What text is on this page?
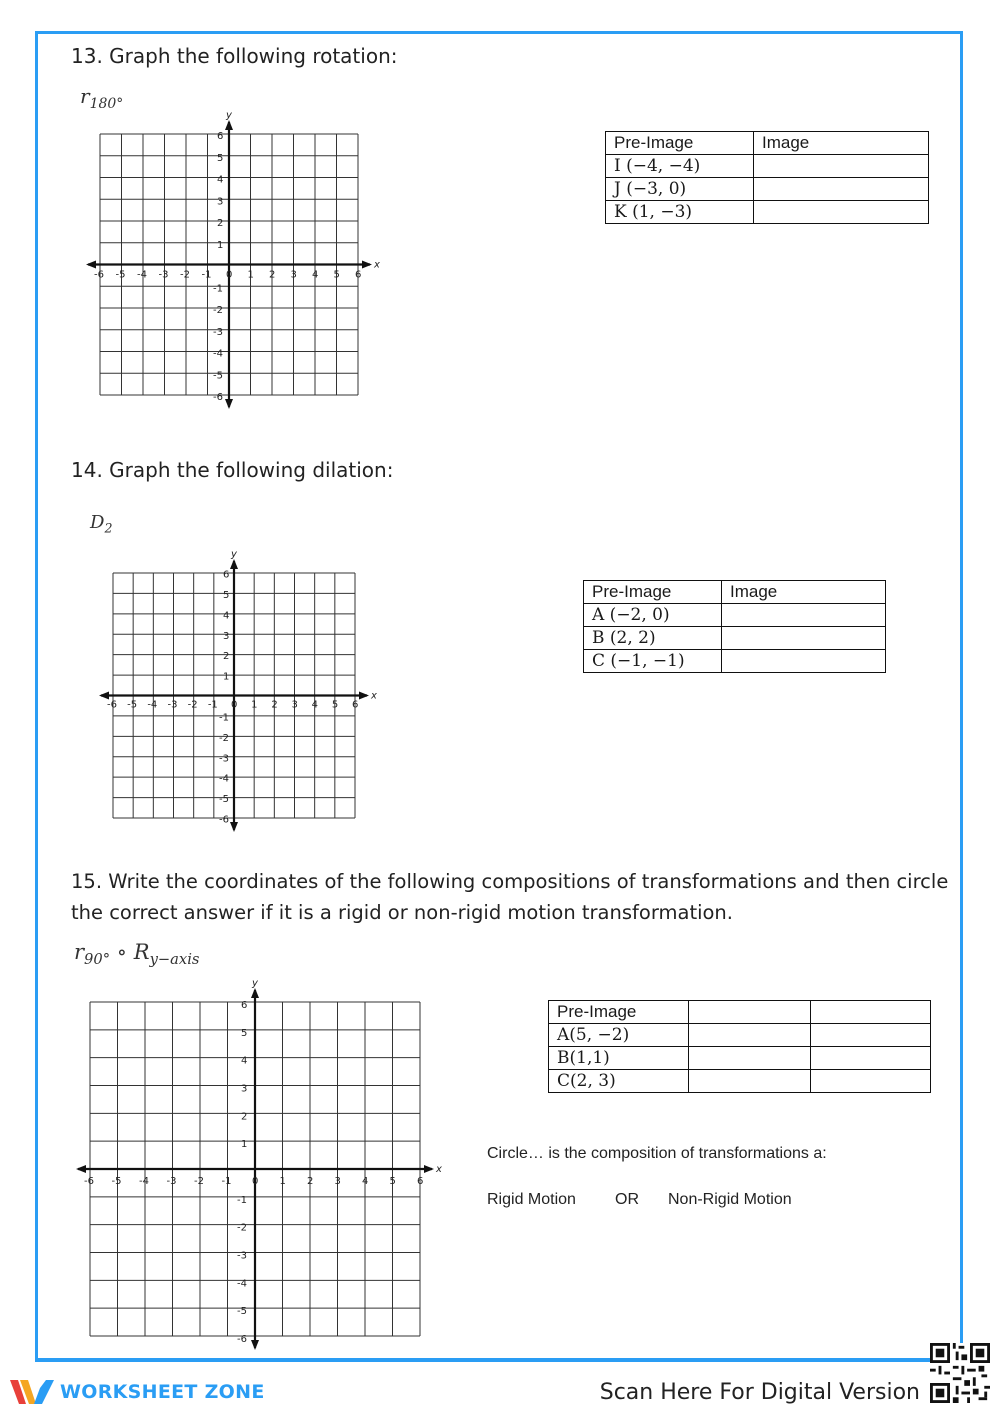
13. Graph the following rotation:
$r_{180^\circ}$
x
y
1
-1
1
-1
2
-2
2
-2
3
-3
3
-3
4
-4
4
-4
5
-5
5
-5
6
-6
6
-6
0
Pre-Image	Image
I (−4, −4)	
J (−3, 0)	
K (1, −3)	
14. Graph the following dilation:
$D_2$
x
y
1
-1
1
-1
2
-2
2
-2
3
-3
3
-3
4
-4
4
-4
5
-5
5
-5
6
-6
6
-6
0
Pre-Image	Image
A (−2, 0)	
B (2, 2)	
C (−1, −1)	
15. Write the coordinates of the following compositions of transformations and then circle the correct answer if it is a rigid or non-rigid motion transformation.
$r_{90^\circ}$ ∘ $R_{y-axis}$
x
y
1
-1
1
-1
2
-2
2
-2
3
-3
3
-3
4
-4
4
-4
5
-5
5
-5
6
-6
6
-6
0
Pre-Image		
A(5, −2)		
B(1,1)		
C(2, 3)		
Circle… is the composition of transformations a:
Rigid Motion OR Non-Rigid Motion
WORKSHEET ZONE	Scan Here For Digital Version
